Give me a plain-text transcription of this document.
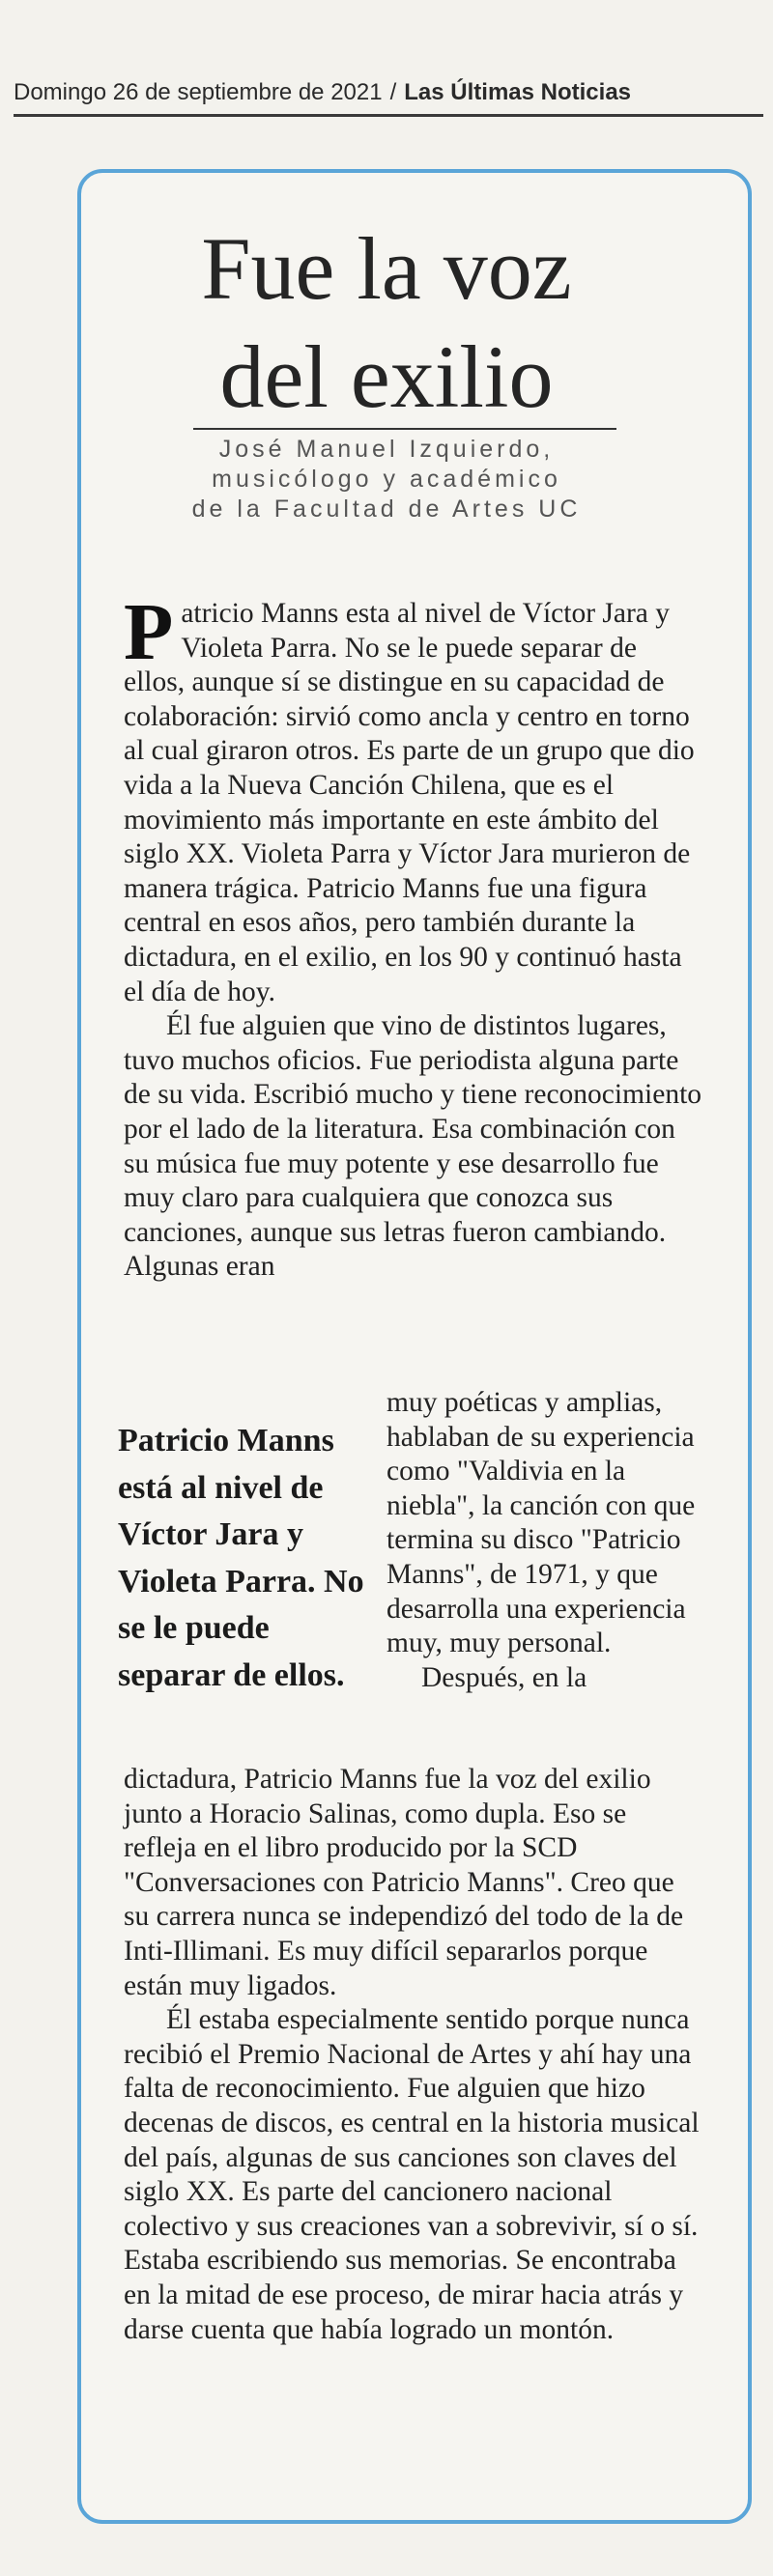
Domingo 26 de septiembre de 2021 / Las Últimas Noticias
Fue la voz
del exilio
José Manuel Izquierdo,
musicólogo y académico
de la Facultad de Artes UC

Patricio Manns esta al nivel de Víctor Jara y Violeta Parra. No se le puede separar de ellos, aunque sí se distingue en su capacidad de colaboración: sirvió como ancla y centro en torno al cual giraron otros. Es parte de un grupo que dio vida a la Nueva Canción Chilena, que es el movimiento más importante en este ámbito del siglo XX. Violeta Parra y Víctor Jara murieron de manera trágica. Patricio Manns fue una figura central en esos años, pero también durante la dictadura, en el exilio, en los 90 y continuó hasta el día de hoy.

Él fue alguien que vino de distintos lugares, tuvo muchos oficios. Fue periodista alguna parte de su vida. Escribió mucho y tiene reconocimiento por el lado de la literatura. Esa combinación con su música fue muy potente y ese desarrollo fue muy claro para cualquiera que conozca sus canciones, aunque sus letras fueron cambiando. Algunas eran

Patricio Manns está al nivel de Víctor Jara y Violeta Parra. No se le puede separar de ellos.

muy poéticas y amplias, hablaban de su experiencia como "Valdivia en la niebla", la canción con que termina su disco "Patricio Manns", de 1971, y que desarrolla una experiencia muy, muy personal.

Después, en la

dictadura, Patricio Manns fue la voz del exilio junto a Horacio Salinas, como dupla. Eso se refleja en el libro producido por la SCD "Conversaciones con Patricio Manns". Creo que su carrera nunca se independizó del todo de la de Inti-Illimani. Es muy difícil separarlos porque están muy ligados.

Él estaba especialmente sentido porque nunca recibió el Premio Nacional de Artes y ahí hay una falta de reconocimiento. Fue alguien que hizo decenas de discos, es central en la historia musical del país, algunas de sus canciones son claves del siglo XX. Es parte del cancionero nacional colectivo y sus creaciones van a sobrevivir, sí o sí. Estaba escribiendo sus memorias. Se encontraba en la mitad de ese proceso, de mirar hacia atrás y darse cuenta que había logrado un montón.
